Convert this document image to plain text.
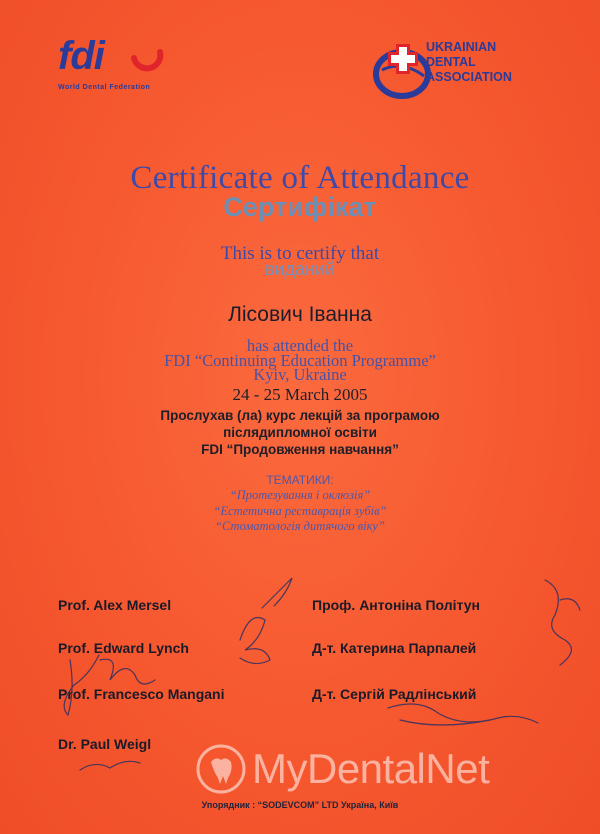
fdi
World Dental Federation
UKRAINIAN
DENTAL
ASSOCIATION
Certificate of Attendance
Сертифікат
This is to certify that
виданий
Лісович Іванна
has attended the
FDI “Continuing Education Programme”
Kyiv, Ukraine
24 - 25 March 2005
Прослухав (ла) курс лекцій за програмою
післядипломної освіти
FDI “Продовження навчання”
ТЕМАТИКИ:
“Протезування і оклюзія”
“Естетична реставрація зубів”
“Стоматологія дитячого віку”
Prof. Alex Mersel
Prof. Edward Lynch
Prof. Francesco Mangani
Dr. Paul Weigl
Проф. Антоніна Політун
Д-т. Катерина Парпалей
Д-т. Сергій Радлінський
MyDentalNet
Упорядник : “SODEVCOM” LTD Україна, Київ
